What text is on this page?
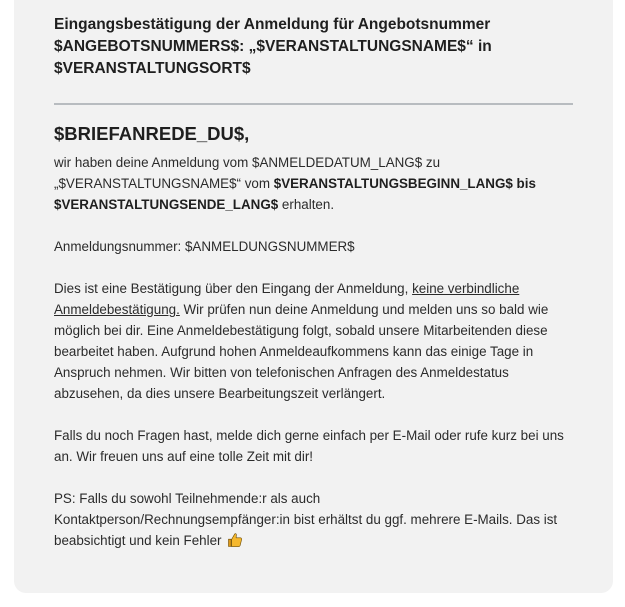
Eingangsbestätigung der Anmeldung für Angebotsnummer
$ANGEBOTSNUMMERS$: „$VERANSTALTUNGSNAME$“ in
$VERANSTALTUNGSORT$
$BRIEFANREDE_DU$,

wir haben deine Anmeldung vom $ANMELDEDATUM_LANG$ zu
„$VERANSTALTUNGSNAME$“ vom $VERANSTALTUNGSBEGINN_LANG$ bis
$VERANSTALTUNGSENDE_LANG$ erhalten.

Anmeldungsnummer: $ANMELDUNGSNUMMER$

Dies ist eine Bestätigung über den Eingang der Anmeldung, keine verbindliche Anmeldebestätigung. Wir prüfen nun deine Anmeldung und melden uns so bald wie möglich bei dir. Eine Anmeldebestätigung folgt, sobald unsere Mitarbeitenden diese bearbeitet haben. Aufgrund hohen Anmeldeaufkommens kann das einige Tage in Anspruch nehmen. Wir bitten von telefonischen Anfragen des Anmeldestatus abzusehen, da dies unsere Bearbeitungszeit verlängert.

Falls du noch Fragen hast, melde dich gerne einfach per E-Mail oder rufe kurz bei uns an. Wir freuen uns auf eine tolle Zeit mit dir!

PS: Falls du sowohl Teilnehmende:r als auch
Kontaktperson/Rechnungsempfänger:in bist erhältst du ggf. mehrere E-Mails. Das ist beabsichtigt und kein Fehler
